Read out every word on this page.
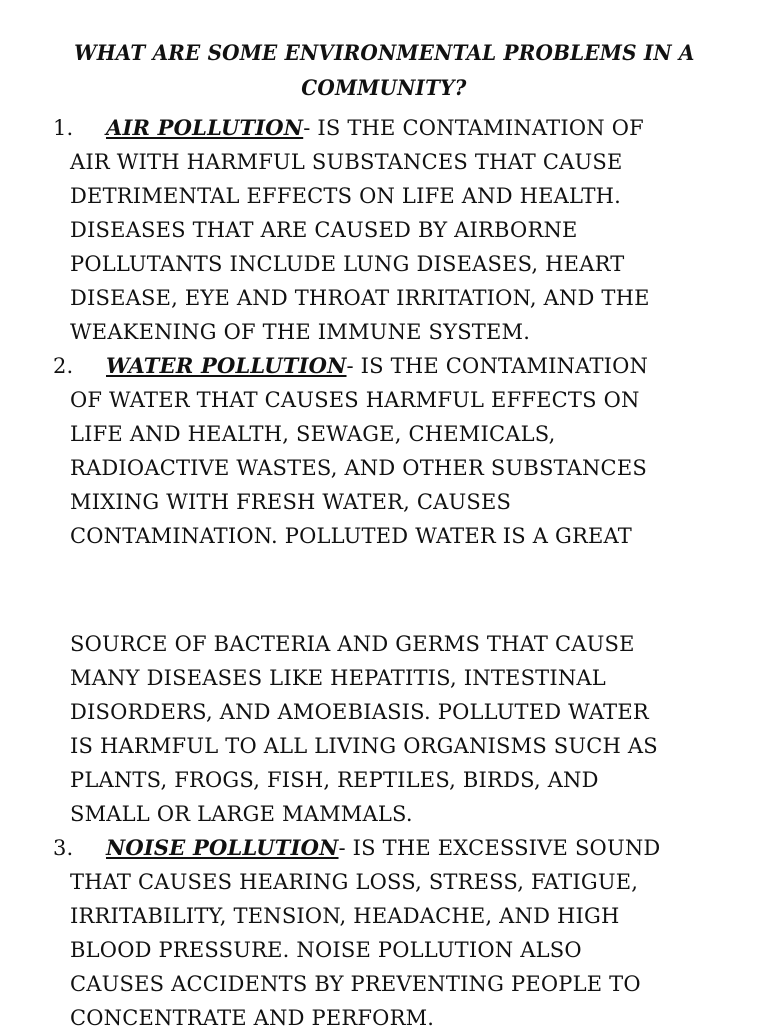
WHAT ARE SOME ENVIRONMENTAL PROBLEMS IN A COMMUNITY?
1. AIR POLLUTION- IS THE CONTAMINATION OF
AIR WITH HARMFUL SUBSTANCES THAT CAUSE
DETRIMENTAL EFFECTS ON LIFE AND HEALTH.
DISEASES THAT ARE CAUSED BY AIRBORNE
POLLUTANTS INCLUDE LUNG DISEASES, HEART
DISEASE, EYE AND THROAT IRRITATION, AND THE
WEAKENING OF THE IMMUNE SYSTEM.
2. WATER POLLUTION- IS THE CONTAMINATION
OF WATER THAT CAUSES HARMFUL EFFECTS ON
LIFE AND HEALTH, SEWAGE, CHEMICALS,
RADIOACTIVE WASTES, AND OTHER SUBSTANCES
MIXING WITH FRESH WATER, CAUSES
CONTAMINATION. POLLUTED WATER IS A GREAT
SOURCE OF BACTERIA AND GERMS THAT CAUSE
MANY DISEASES LIKE HEPATITIS, INTESTINAL
DISORDERS, AND AMOEBIASIS. POLLUTED WATER
IS HARMFUL TO ALL LIVING ORGANISMS SUCH AS
PLANTS, FROGS, FISH, REPTILES, BIRDS, AND
SMALL OR LARGE MAMMALS.
3. NOISE POLLUTION- IS THE EXCESSIVE SOUND
THAT CAUSES HEARING LOSS, STRESS, FATIGUE,
IRRITABILITY, TENSION, HEADACHE, AND HIGH
BLOOD PRESSURE. NOISE POLLUTION ALSO
CAUSES ACCIDENTS BY PREVENTING PEOPLE TO
CONCENTRATE AND PERFORM.
